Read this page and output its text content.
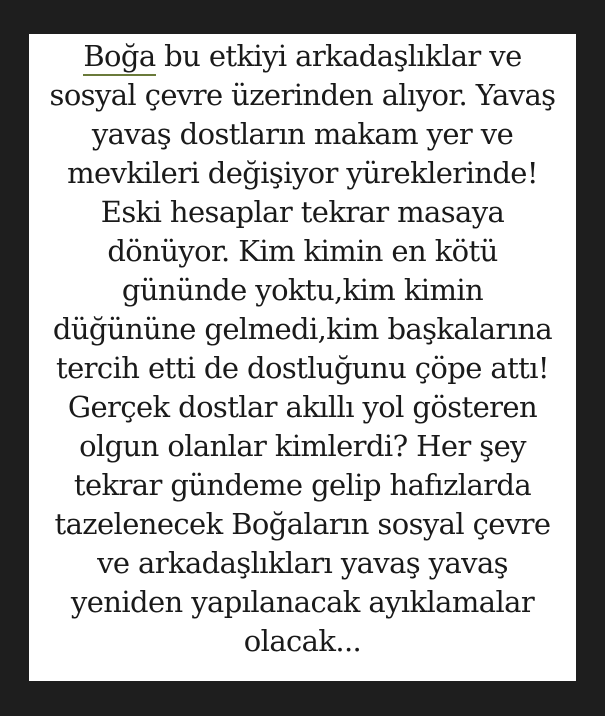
Boğa bu etkiyi arkadaşlıklar ve
sosyal çevre üzerinden alıyor. Yavaş
yavaş dostların makam yer ve
mevkileri değişiyor yüreklerinde!
Eski hesaplar tekrar masaya
dönüyor. Kim kimin en kötü
gününde yoktu,kim kimin
düğününe gelmedi,kim başkalarına
tercih etti de dostluğunu çöpe attı!
Gerçek dostlar akıllı yol gösteren
olgun olanlar kimlerdi? Her şey
tekrar gündeme gelip hafızlarda
tazelenecek Boğaların sosyal çevre
ve arkadaşlıkları yavaş yavaş
yeniden yapılanacak ayıklamalar
olacak...
